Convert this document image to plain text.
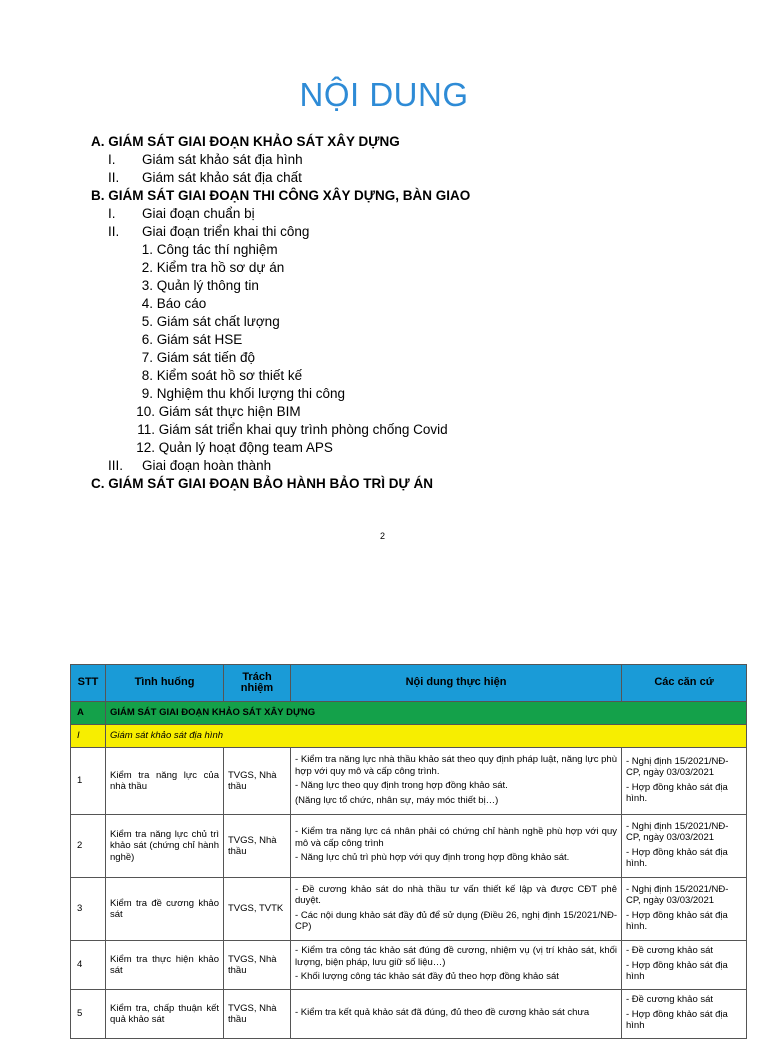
NỘI DUNG
A. GIÁM SÁT GIAI ĐOẠN KHẢO SÁT XÂY DỰNG
I. Giám sát khảo sát địa hình
II. Giám sát khảo sát địa chất
B. GIÁM SÁT GIAI ĐOẠN THI CÔNG XÂY DỰNG, BÀN GIAO
I. Giai đoạn chuẩn bị
II. Giai đoạn triển khai thi công
1. Công tác thí nghiệm
2. Kiểm tra hồ sơ dự án
3. Quản lý thông tin
4. Báo cáo
5. Giám sát chất lượng
6. Giám sát HSE
7. Giám sát tiến độ
8. Kiểm soát hồ sơ thiết kế
9. Nghiệm thu khối lượng thi công
10. Giám sát thực hiện BIM
11. Giám sát triển khai quy trình phòng chống Covid
12. Quản lý hoạt động team APS
III. Giai đoạn hoàn thành
C. GIÁM SÁT GIAI ĐOẠN BẢO HÀNH BẢO TRÌ DỰ ÁN
2
STT	Tình huống	Trách nhiệm	Nội dung thực hiện	Các căn cứ
A	GIÁM SÁT GIAI ĐOẠN KHẢO SÁT XÂY DỰNG			
I	Giám sát khảo sát địa hình			
1	Kiểm tra năng lực của nhà thầu	TVGS, Nhà thầu	- Kiểm tra năng lực nhà thầu khảo sát theo quy định pháp luật, năng lực phù hợp với quy mô và cấp công trình.
- Năng lực theo quy định trong hợp đồng khảo sát.
(Năng lực tổ chức, nhân sự, máy móc thiết bị…)	- Nghị định 15/2021/NĐ-CP, ngày 03/03/2021
- Hợp đồng khảo sát địa hình.

2	Kiểm tra năng lực chủ trì khảo sát (chứng chỉ hành nghề)	TVGS, Nhà thầu	- Kiểm tra năng lực cá nhân phải có chứng chỉ hành nghề phù hợp với quy mô và cấp công trình
- Năng lực chủ trì phù hợp với quy định trong hợp đồng khảo sát.	- Nghị định 15/2021/NĐ-CP, ngày 03/03/2021
- Hợp đồng khảo sát địa hình.

3	Kiểm tra đề cương khảo sát	TVGS, TVTK	- Đề cương khảo sát do nhà thầu tư vấn thiết kế lập và được CĐT phê duyệt.
- Các nội dung khảo sát đầy đủ để sử dụng (Điều 26, nghị định 15/2021/NĐ-CP)	- Nghị định 15/2021/NĐ-CP, ngày 03/03/2021
- Hợp đồng khảo sát địa hình.

4	Kiểm tra thực hiện khảo sát	TVGS, Nhà thầu	- Kiểm tra công tác khảo sát đúng đề cương, nhiệm vụ (vị trí khảo sát, khối lượng, biện pháp, lưu giữ số liệu…)
- Khối lượng công tác khảo sát đầy đủ theo hợp đồng khảo sát	- Đề cương khảo sát
- Hợp đồng khảo sát địa hình

5	Kiểm tra, chấp thuận kết quả khảo sát	TVGS, Nhà thầu	- Kiểm tra kết quả khảo sát đã đúng, đủ theo đề cương khảo sát chưa	- Đề cương khảo sát
- Hợp đồng khảo sát địa hình
